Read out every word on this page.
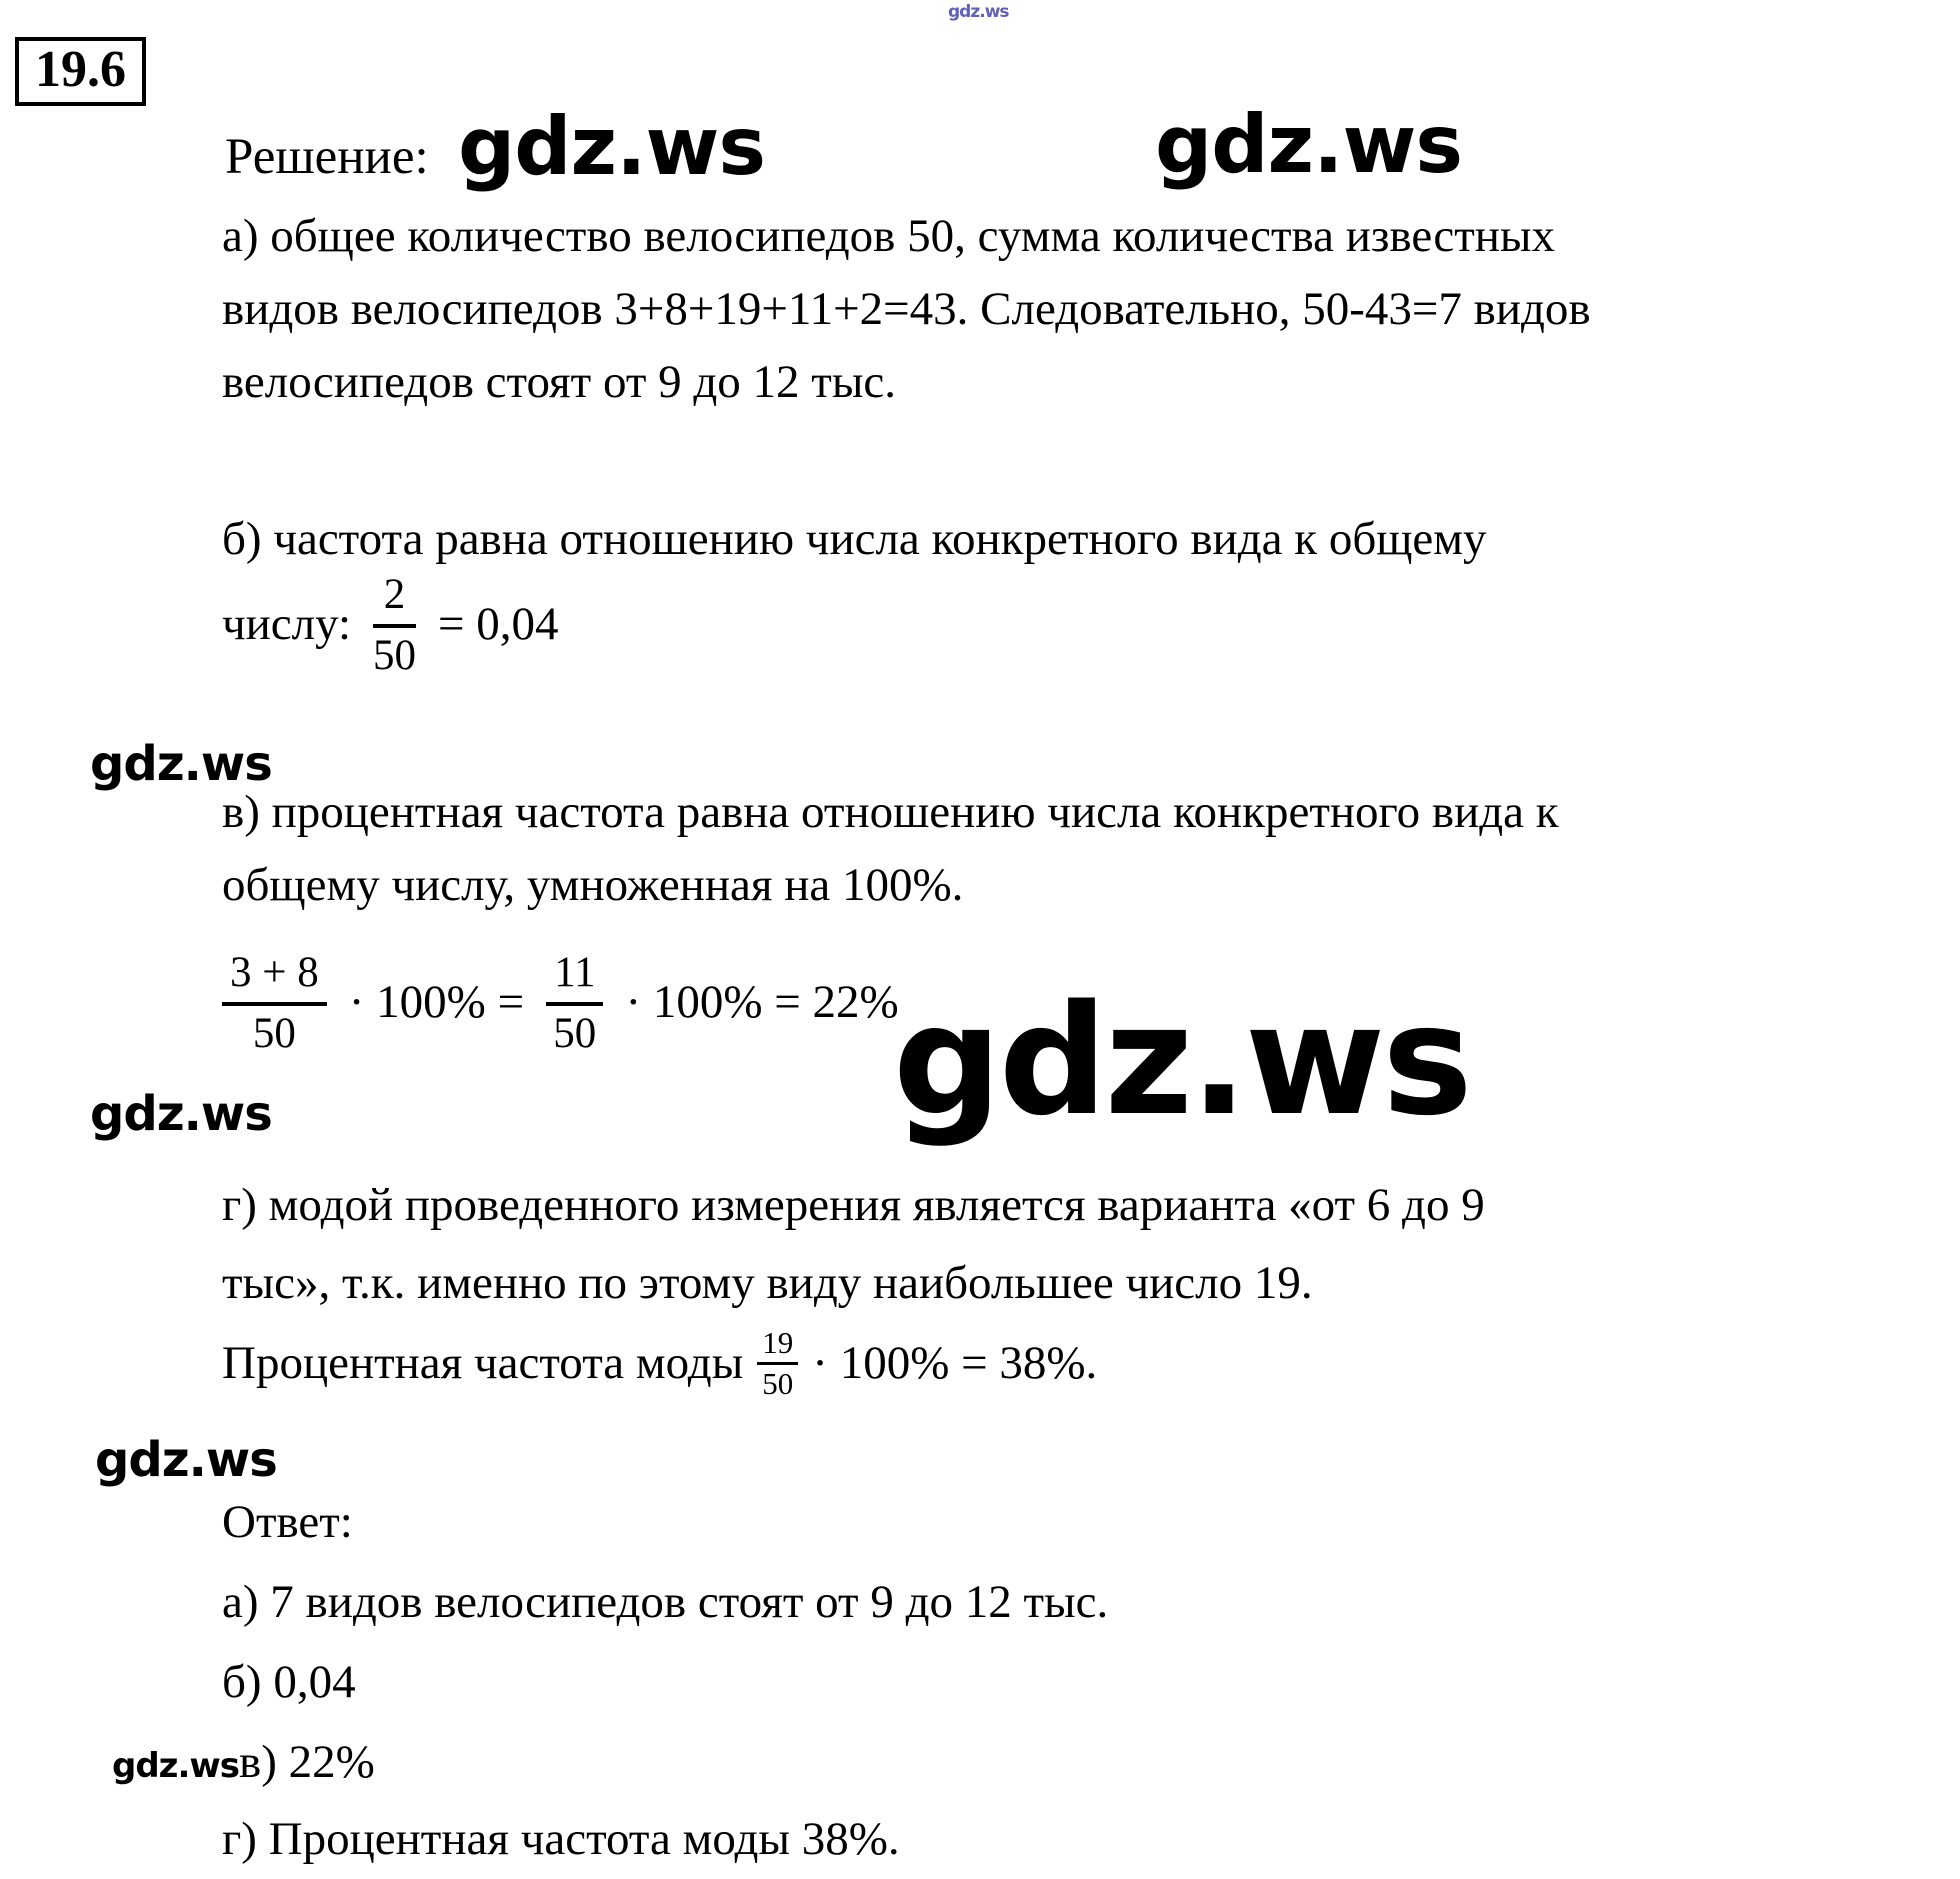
gdz.ws
19.6
Решение: gdz.ws	gdz.ws
а) общее количество велосипедов 50, сумма количества известных
видов велосипедов 3+8+19+11+2=43. Следовательно, 50-43=7 видов
велосипедов стоят от 9 до 12 тыс.
б) частота равна отношению числа конкретного вида к общему
числу: $\frac{2}{50} = 0,04$
gdz.ws
в) процентная частота равна отношению числа конкретного вида к
общему числу, умноженная на 100%.
$\frac{3 + 8}{50} \cdot 100\% = \frac{11}{50} \cdot 100\% = 22\%$
gdz.ws
gdz.ws
г) модой проведенного измерения является варианта «от 6 до 9
тыс», т.к. именно по этому виду наибольшее число 19.
Процентная частота моды $\frac{19}{50} \cdot 100\% = 38\%$.
gdz.ws
Ответ:
а) 7 видов велосипедов стоят от 9 до 12 тыс.
б) 0,04
gdz.ws в) 22%
г) Процентная частота моды 38%.
